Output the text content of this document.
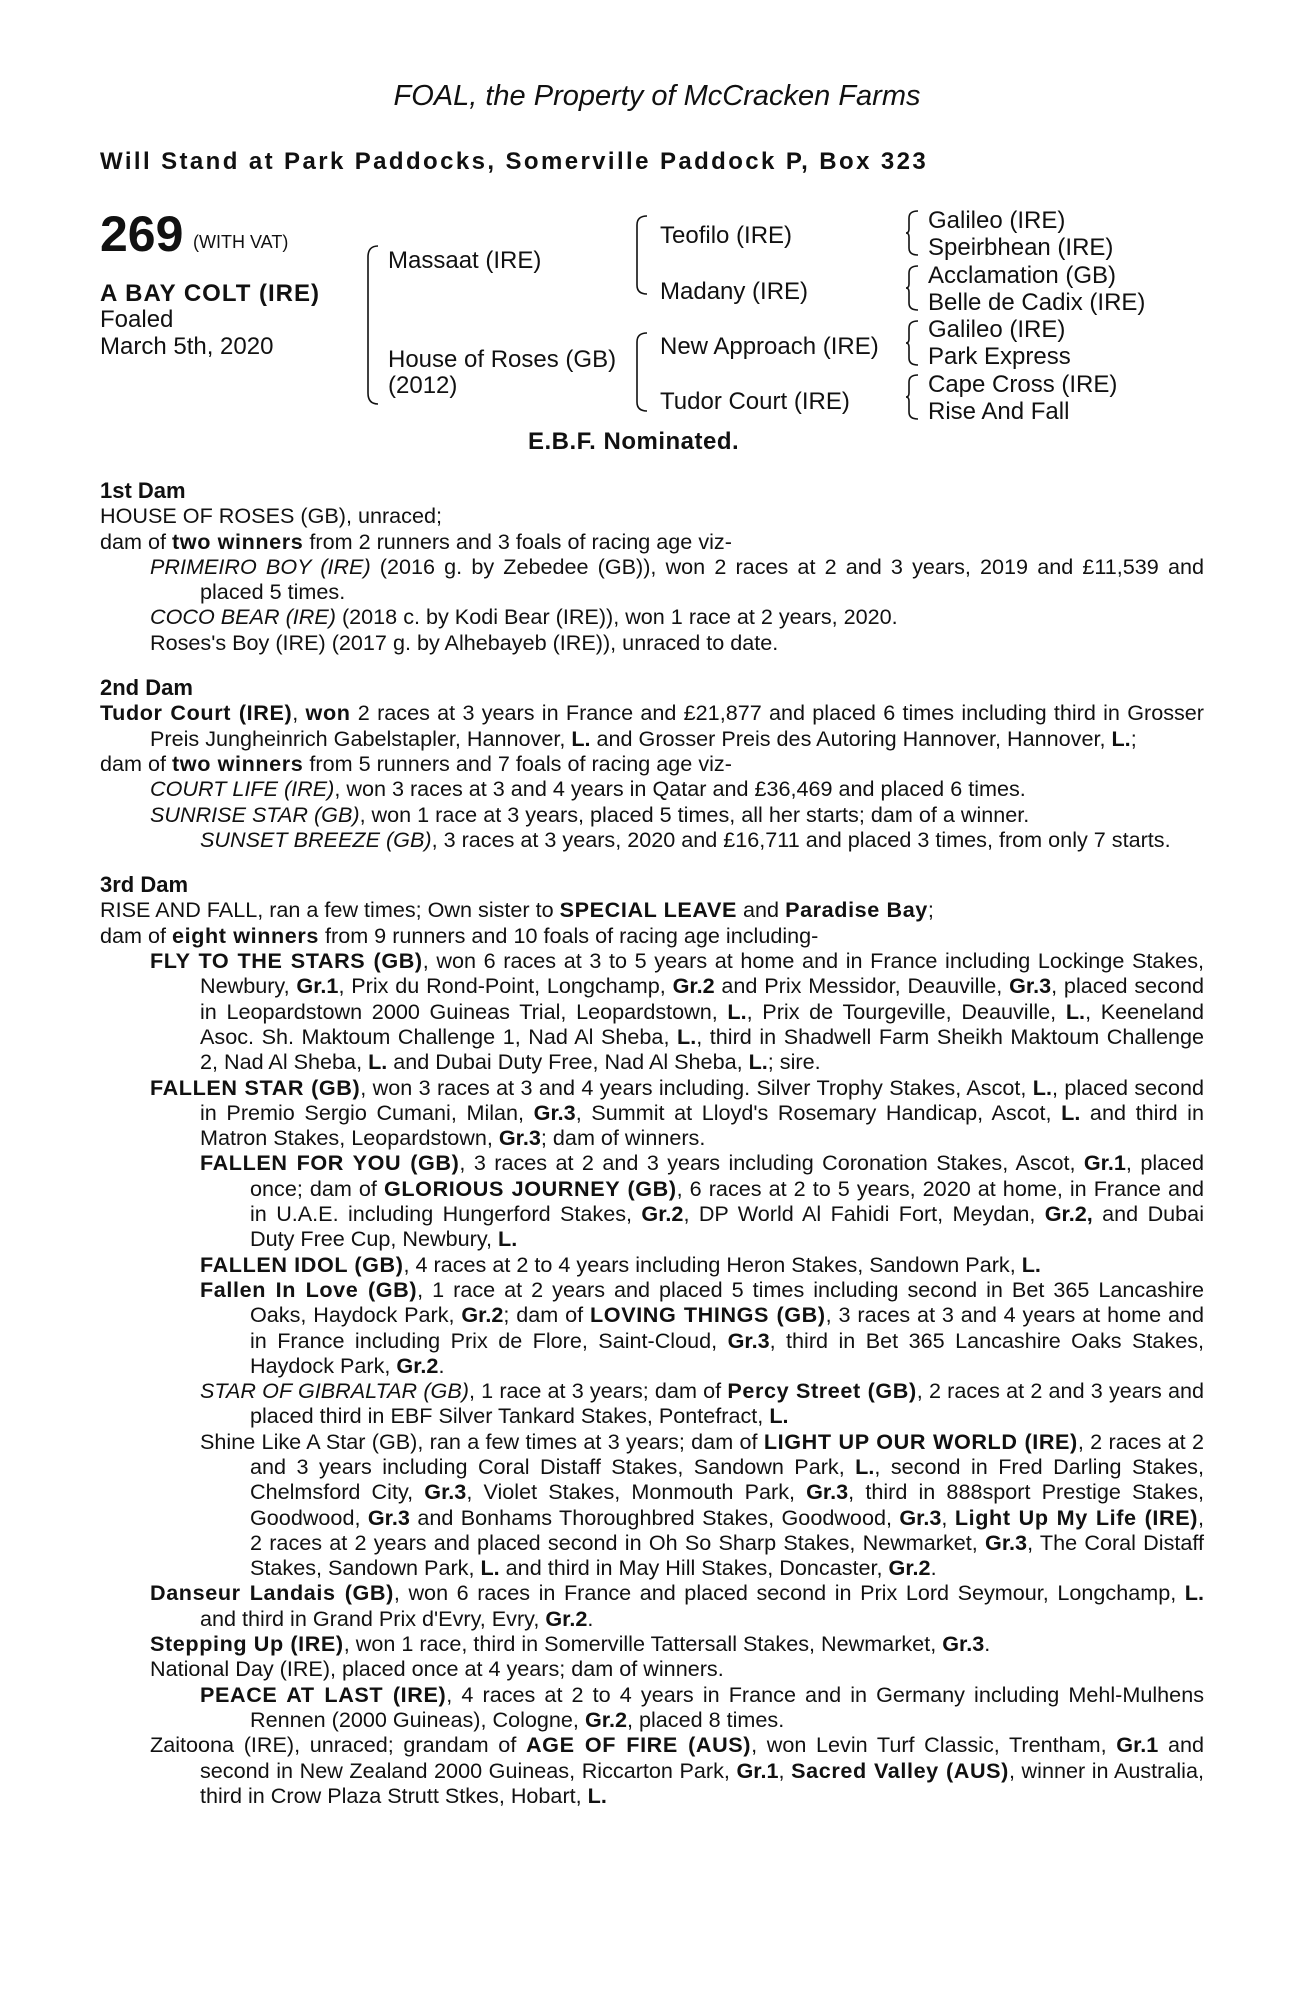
FOAL, the Property of McCracken Farms
Will Stand at Park Paddocks, Somerville Paddock P, Box 323
269 (WITH VAT)
A BAY COLT (IRE)
Foaled
March 5th, 2020
Massaat (IRE)
House of Roses (GB)
(2012)
Teofilo (IRE)
Madany (IRE)
New Approach (IRE)
Tudor Court (IRE)
Galileo (IRE)
Speirbhean (IRE)
Acclamation (GB)
Belle de Cadix (IRE)
Galileo (IRE)
Park Express
Cape Cross (IRE)
Rise And Fall
E.B.F. Nominated.
1st Dam
HOUSE OF ROSES (GB), unraced;
dam of two winners from 2 runners and 3 foals of racing age viz-
PRIMEIRO BOY (IRE) (2016 g. by Zebedee (GB)), won 2 races at 2 and 3 years, 2019 and £11,539 and placed 5 times.
COCO BEAR (IRE) (2018 c. by Kodi Bear (IRE)), won 1 race at 2 years, 2020.
Roses's Boy (IRE) (2017 g. by Alhebayeb (IRE)), unraced to date.
2nd Dam
Tudor Court (IRE), won 2 races at 3 years in France and £21,877 and placed 6 times including third in Grosser Preis Jungheinrich Gabelstapler, Hannover, L. and Grosser Preis des Autoring Hannover, Hannover, L.;
dam of two winners from 5 runners and 7 foals of racing age viz-
COURT LIFE (IRE), won 3 races at 3 and 4 years in Qatar and £36,469 and placed 6 times.
SUNRISE STAR (GB), won 1 race at 3 years, placed 5 times, all her starts; dam of a winner.
SUNSET BREEZE (GB), 3 races at 3 years, 2020 and £16,711 and placed 3 times, from only 7 starts.
3rd Dam
RISE AND FALL, ran a few times; Own sister to SPECIAL LEAVE and Paradise Bay;
dam of eight winners from 9 runners and 10 foals of racing age including-
FLY TO THE STARS (GB), won 6 races at 3 to 5 years at home and in France including Lockinge Stakes, Newbury, Gr.1, Prix du Rond-Point, Longchamp, Gr.2 and Prix Messidor, Deauville, Gr.3, placed second in Leopardstown 2000 Guineas Trial, Leopardstown, L., Prix de Tourgeville, Deauville, L., Keeneland Asoc. Sh. Maktoum Challenge 1, Nad Al Sheba, L., third in Shadwell Farm Sheikh Maktoum Challenge 2, Nad Al Sheba, L. and Dubai Duty Free, Nad Al Sheba, L.; sire.
FALLEN STAR (GB), won 3 races at 3 and 4 years including. Silver Trophy Stakes, Ascot, L., placed second in Premio Sergio Cumani, Milan, Gr.3, Summit at Lloyd's Rosemary Handicap, Ascot, L. and third in Matron Stakes, Leopardstown, Gr.3; dam of winners.
FALLEN FOR YOU (GB), 3 races at 2 and 3 years including Coronation Stakes, Ascot, Gr.1, placed once; dam of GLORIOUS JOURNEY (GB), 6 races at 2 to 5 years, 2020 at home, in France and in U.A.E. including Hungerford Stakes, Gr.2, DP World Al Fahidi Fort, Meydan, Gr.2, and Dubai Duty Free Cup, Newbury, L.
FALLEN IDOL (GB), 4 races at 2 to 4 years including Heron Stakes, Sandown Park, L.
Fallen In Love (GB), 1 race at 2 years and placed 5 times including second in Bet 365 Lancashire Oaks, Haydock Park, Gr.2; dam of LOVING THINGS (GB), 3 races at 3 and 4 years at home and in France including Prix de Flore, Saint-Cloud, Gr.3, third in Bet 365 Lancashire Oaks Stakes, Haydock Park, Gr.2.
STAR OF GIBRALTAR (GB), 1 race at 3 years; dam of Percy Street (GB), 2 races at 2 and 3 years and placed third in EBF Silver Tankard Stakes, Pontefract, L.
Shine Like A Star (GB), ran a few times at 3 years; dam of LIGHT UP OUR WORLD (IRE), 2 races at 2 and 3 years including Coral Distaff Stakes, Sandown Park, L., second in Fred Darling Stakes, Chelmsford City, Gr.3, Violet Stakes, Monmouth Park, Gr.3, third in 888sport Prestige Stakes, Goodwood, Gr.3 and Bonhams Thoroughbred Stakes, Goodwood, Gr.3, Light Up My Life (IRE), 2 races at 2 years and placed second in Oh So Sharp Stakes, Newmarket, Gr.3, The Coral Distaff Stakes, Sandown Park, L. and third in May Hill Stakes, Doncaster, Gr.2.
Danseur Landais (GB), won 6 races in France and placed second in Prix Lord Seymour, Longchamp, L. and third in Grand Prix d'Evry, Evry, Gr.2.
Stepping Up (IRE), won 1 race, third in Somerville Tattersall Stakes, Newmarket, Gr.3.
National Day (IRE), placed once at 4 years; dam of winners.
PEACE AT LAST (IRE), 4 races at 2 to 4 years in France and in Germany including Mehl-Mulhens Rennen (2000 Guineas), Cologne, Gr.2, placed 8 times.
Zaitoona (IRE), unraced; grandam of AGE OF FIRE (AUS), won Levin Turf Classic, Trentham, Gr.1 and second in New Zealand 2000 Guineas, Riccarton Park, Gr.1, Sacred Valley (AUS), winner in Australia, third in Crow Plaza Strutt Stkes, Hobart, L.
